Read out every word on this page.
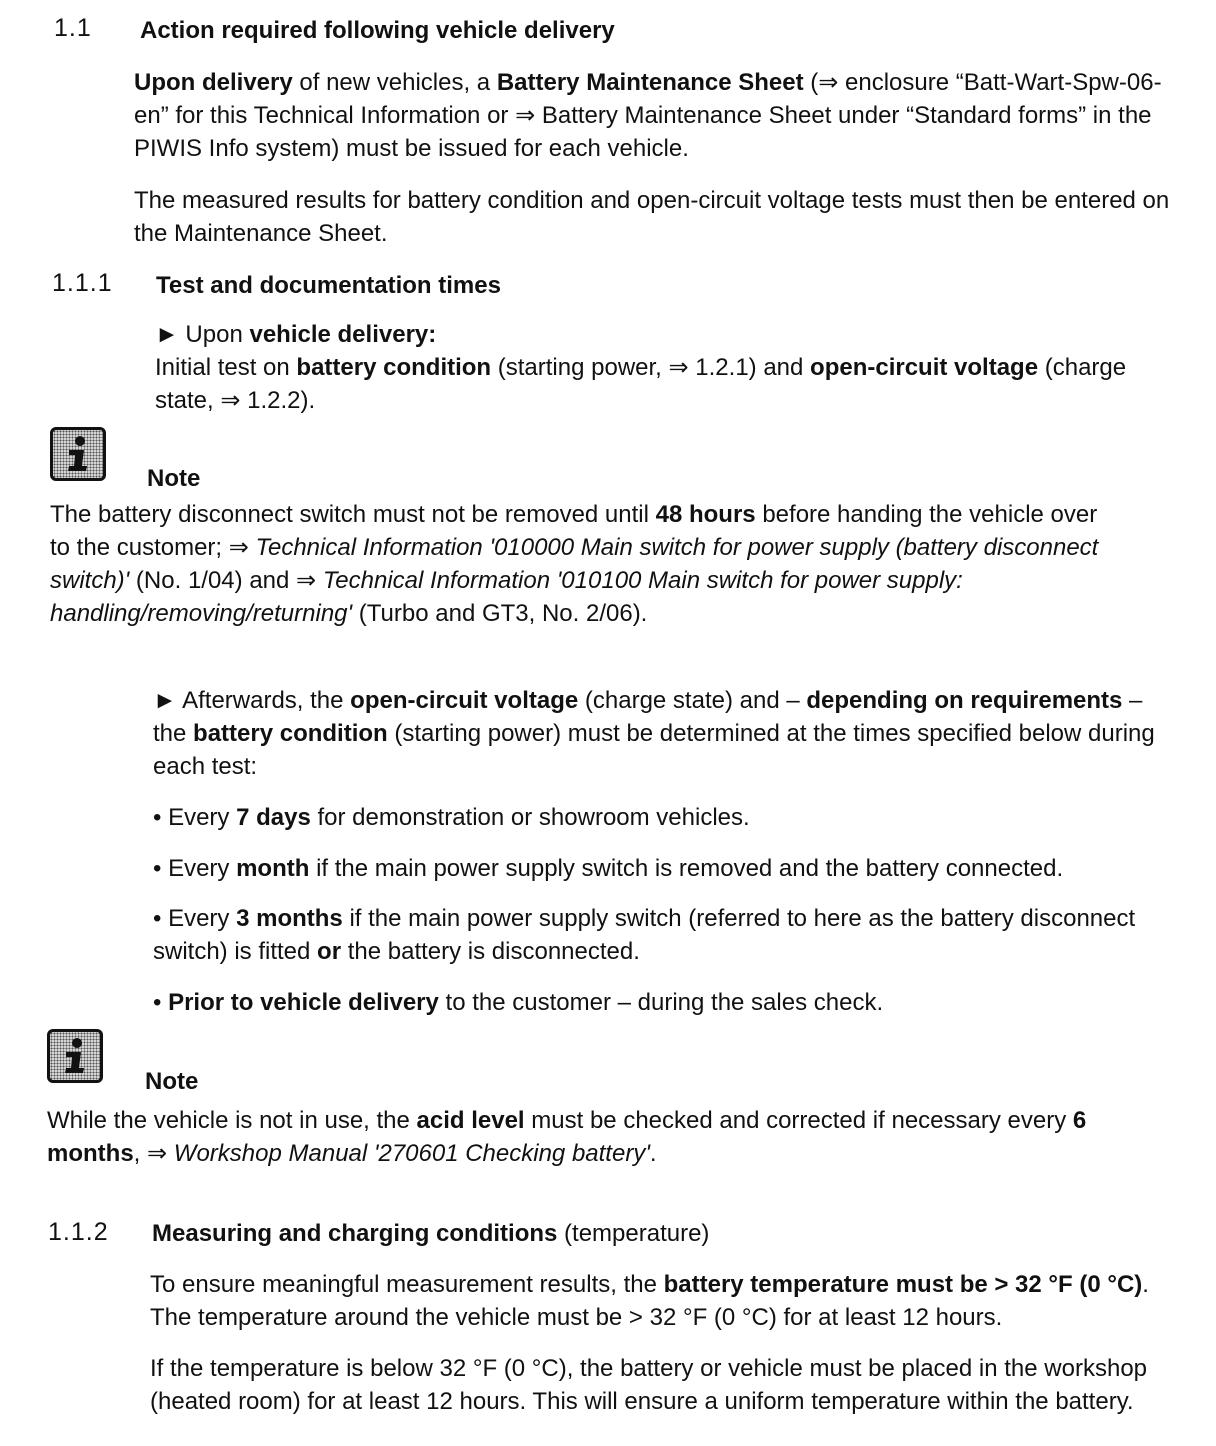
1.1 Action required following vehicle delivery

Upon delivery of new vehicles, a Battery Maintenance Sheet (⇒ enclosure “Batt-Wart-Spw-06-en” for this Technical Information or ⇒ Battery Maintenance Sheet under “Standard forms” in the PIWIS Info system) must be issued for each vehicle.

The measured results for battery condition and open-circuit voltage tests must then be entered on the Maintenance Sheet.

1.1.1 Test and documentation times

► Upon vehicle delivery:
Initial test on battery condition (starting power, ⇒ 1.2.1) and open-circuit voltage (charge state, ⇒ 1.2.2).

Note

The battery disconnect switch must not be removed until 48 hours before handing the vehicle over to the customer; ⇒ Technical Information '010000 Main switch for power supply (battery disconnect switch)' (No. 1/04) and ⇒ Technical Information '010100 Main switch for power supply: handling/removing/returning' (Turbo and GT3, No. 2/06).

► Afterwards, the open-circuit voltage (charge state) and – depending on requirements – the battery condition (starting power) must be determined at the times specified below during each test:

• Every 7 days for demonstration or showroom vehicles.

• Every month if the main power supply switch is removed and the battery connected.

• Every 3 months if the main power supply switch (referred to here as the battery disconnect switch) is fitted or the battery is disconnected.

• Prior to vehicle delivery to the customer – during the sales check.

Note

While the vehicle is not in use, the acid level must be checked and corrected if necessary every 6 months, ⇒ Workshop Manual '270601 Checking battery'.

1.1.2 Measuring and charging conditions (temperature)

To ensure meaningful measurement results, the battery temperature must be > 32 °F (0 °C). The temperature around the vehicle must be > 32 °F (0 °C) for at least 12 hours.

If the temperature is below 32 °F (0 °C), the battery or vehicle must be placed in the workshop (heated room) for at least 12 hours. This will ensure a uniform temperature within the battery.
